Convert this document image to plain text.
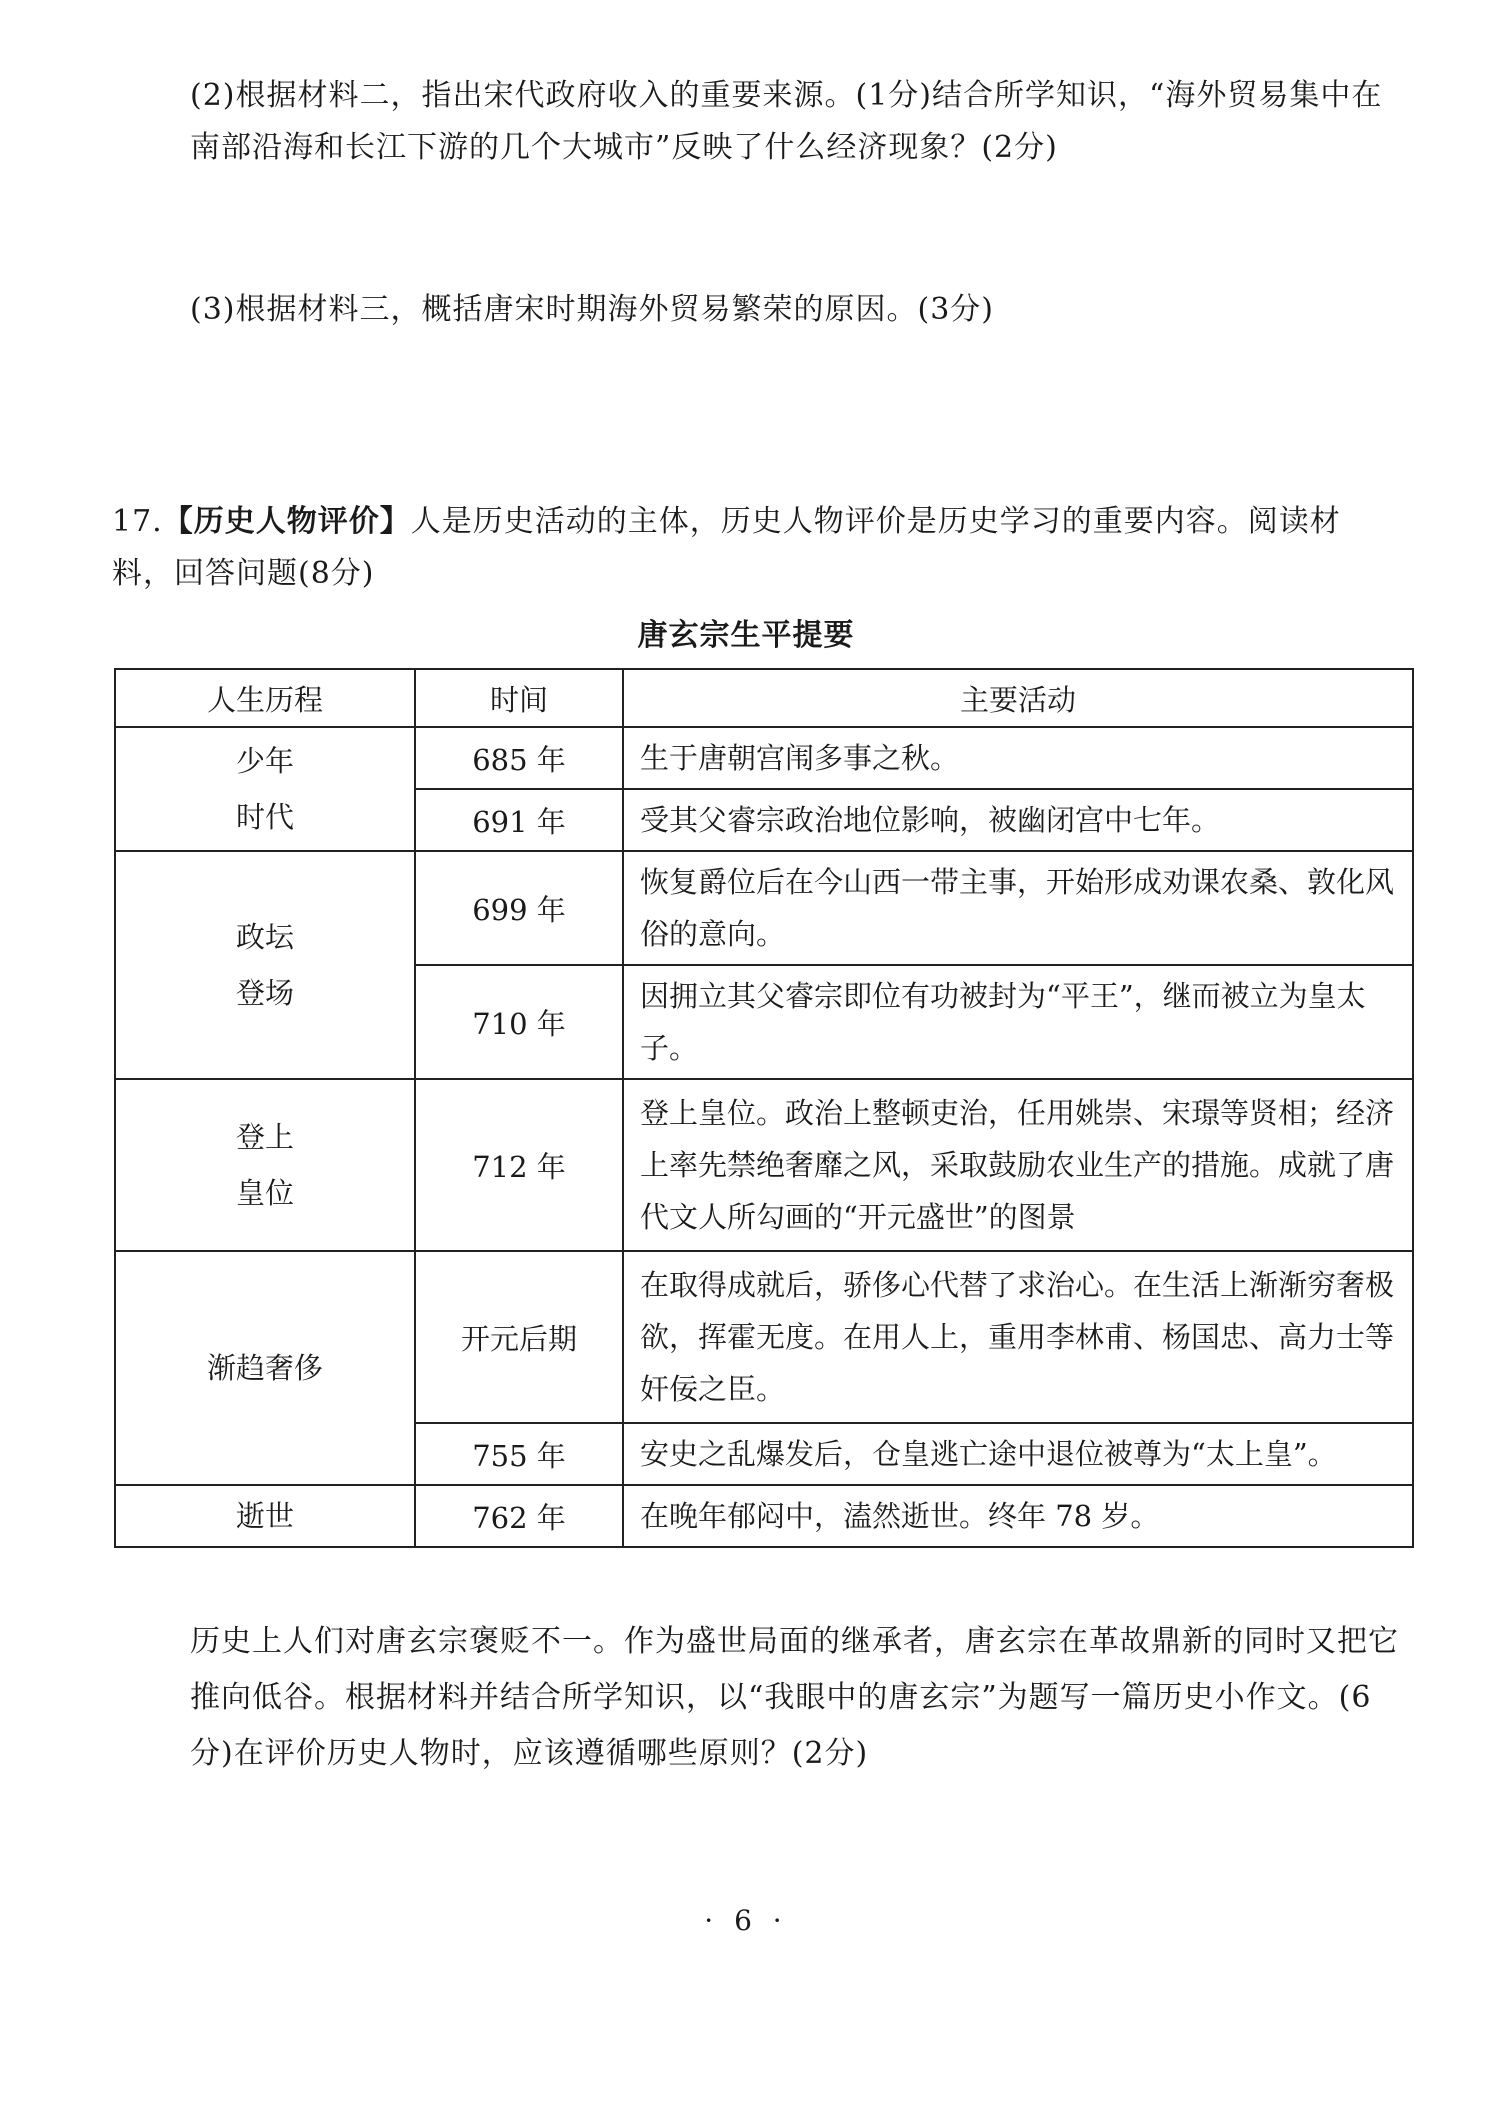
(2)根据材料二，指出宋代政府收入的重要来源。(1分)结合所学知识，“海外贸易集中在南部沿海和长江下游的几个大城市”反映了什么经济现象？(2分)
(3)根据材料三，概括唐宋时期海外贸易繁荣的原因。(3分)
17.【历史人物评价】人是历史活动的主体，历史人物评价是历史学习的重要内容。阅读材料，回答问题(8分)
唐玄宗生平提要
人生历程	时间	主要活动
少年
时代	685 年	生于唐朝宫闱多事之秋。
	691 年	受其父睿宗政治地位影响，被幽闭宫中七年。
政坛
登场	699 年	恢复爵位后在今山西一带主事，开始形成劝课农桑、敦化风俗的意向。
	710 年	因拥立其父睿宗即位有功被封为“平王”，继而被立为皇太子。
登上
皇位	712 年	登上皇位。政治上整顿吏治，任用姚崇、宋璟等贤相；经济上率先禁绝奢靡之风，采取鼓励农业生产的措施。成就了唐代文人所勾画的“开元盛世”的图景
渐趋奢侈	开元后期	在取得成就后，骄侈心代替了求治心。在生活上渐渐穷奢极欲，挥霍无度。在用人上，重用李林甫、杨国忠、高力士等奸佞之臣。
	755 年	安史之乱爆发后，仓皇逃亡途中退位被尊为“太上皇”。
逝世	762 年	在晚年郁闷中，溘然逝世。终年 78 岁。
历史上人们对唐玄宗褒贬不一。作为盛世局面的继承者，唐玄宗在革故鼎新的同时又把它推向低谷。根据材料并结合所学知识，以“我眼中的唐玄宗”为题写一篇历史小作文。(6分)在评价历史人物时，应该遵循哪些原则？(2分)
· 6 ·
